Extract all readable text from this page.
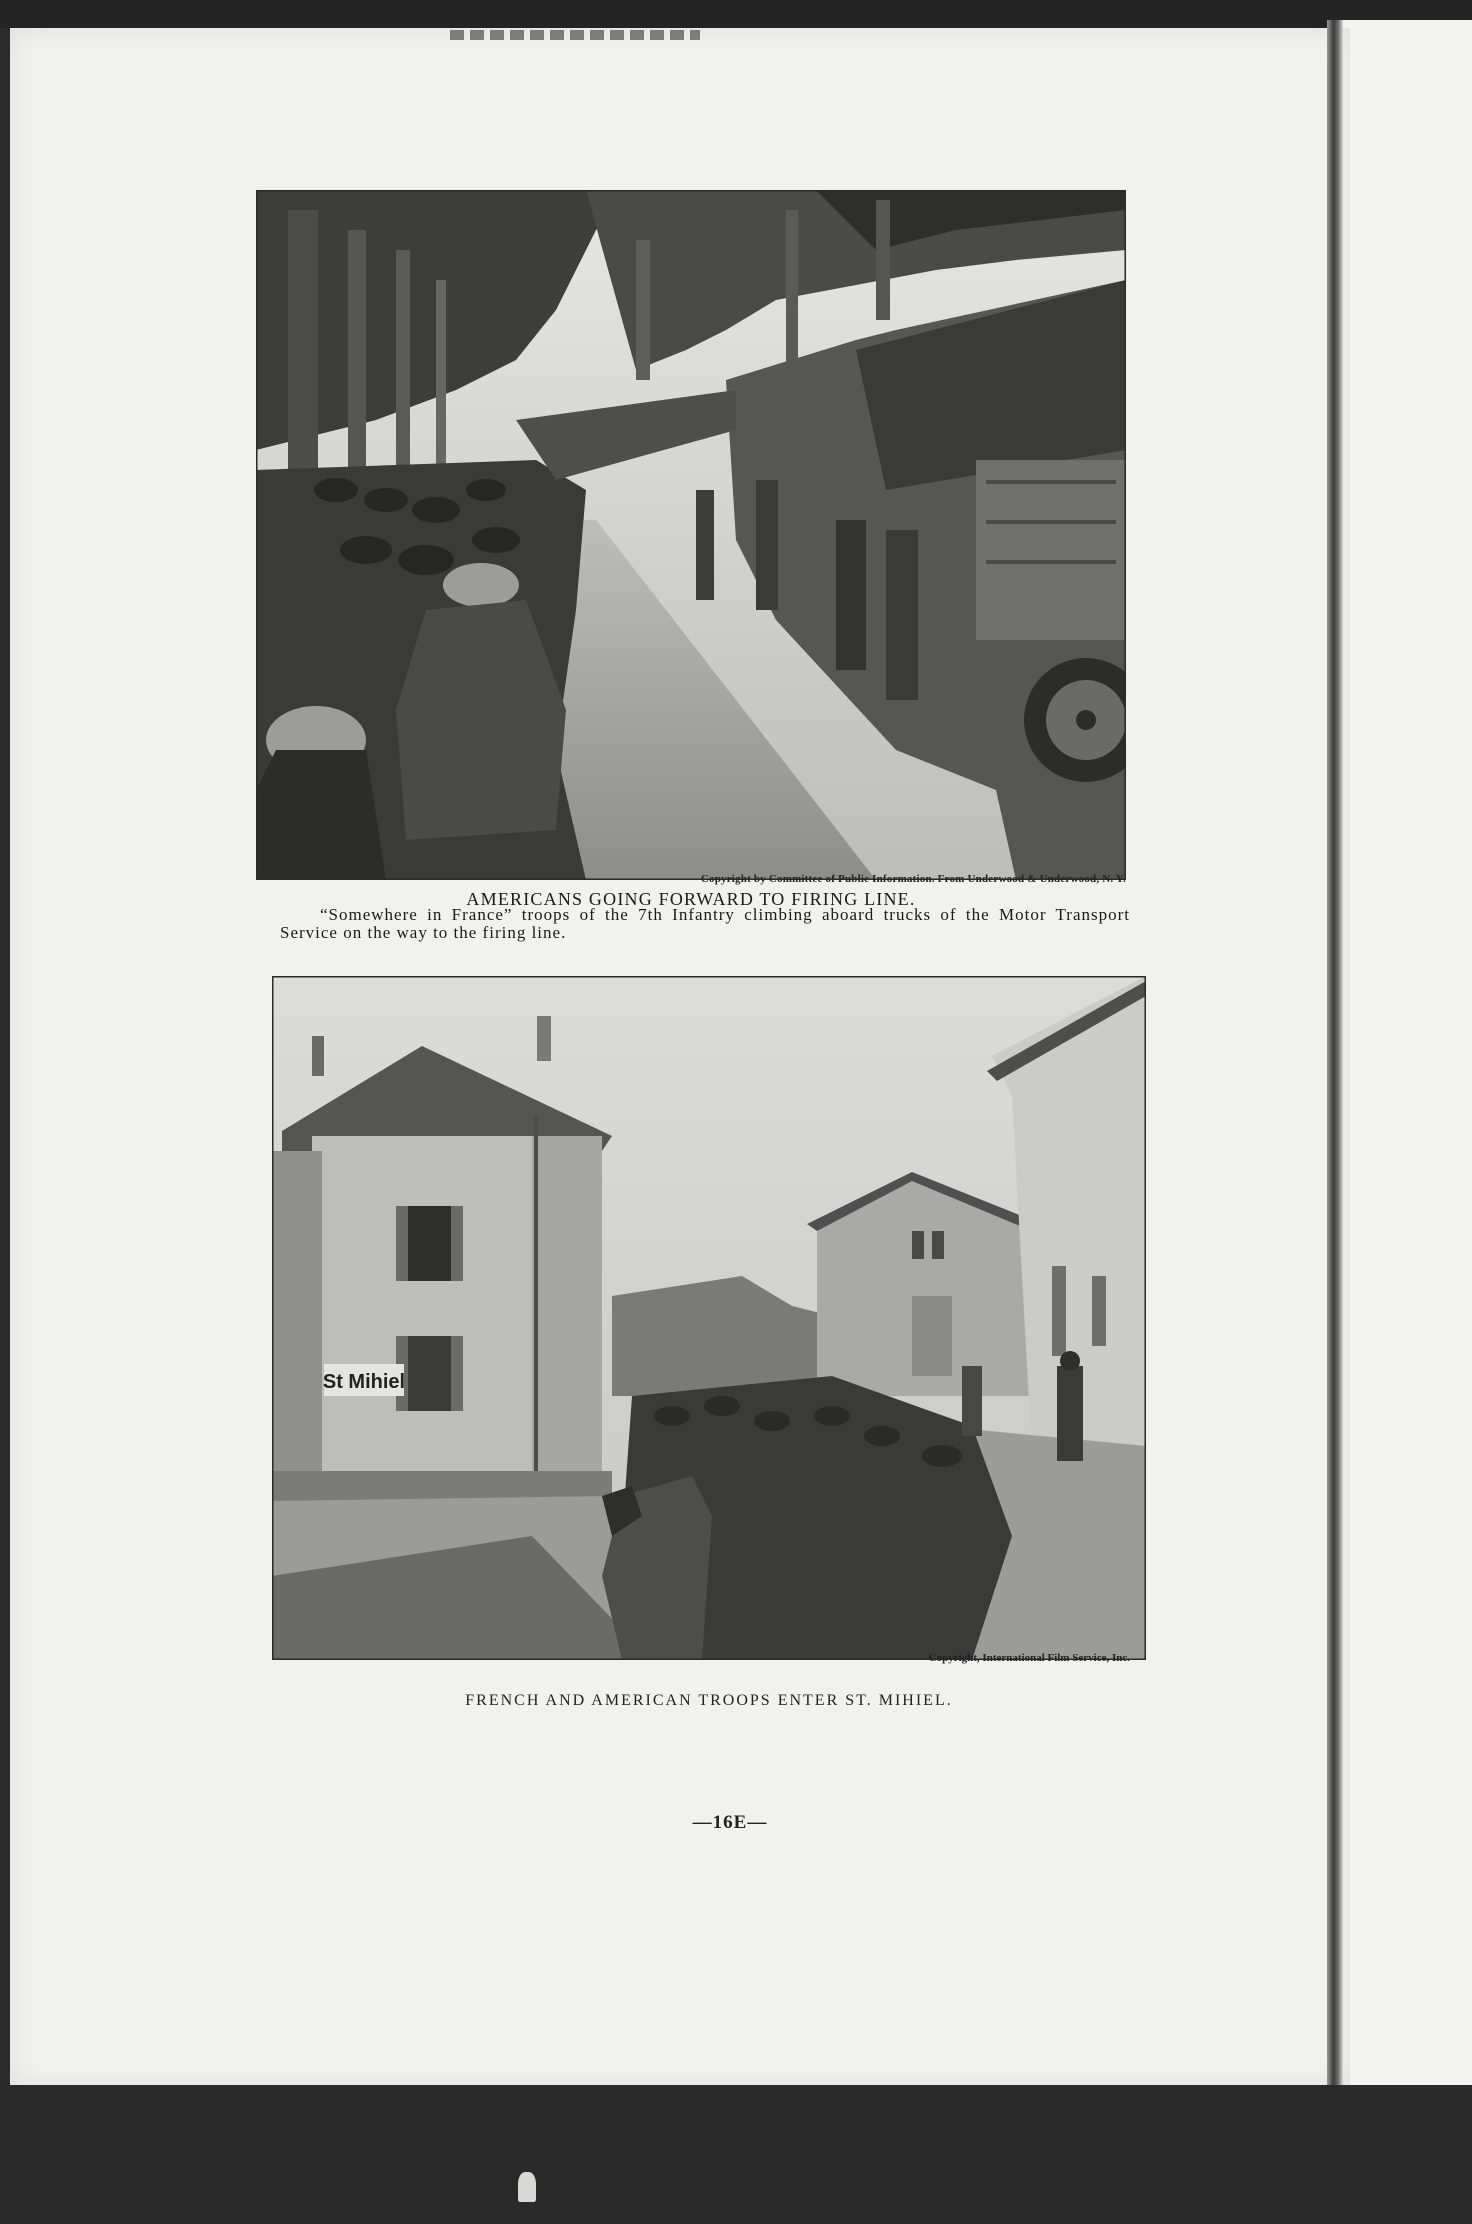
Copyright by Committee of Public Information. From Underwood & Underwood, N. Y.
AMERICANS GOING FORWARD TO FIRING LINE.
“Somewhere in France” troops of the 7th Infantry climbing aboard trucks of the Motor Transport Service on the way to the firing line.
St Mihiel
Copyright, International Film Service, Inc.
FRENCH AND AMERICAN TROOPS ENTER ST. MIHIEL.
—16E—
